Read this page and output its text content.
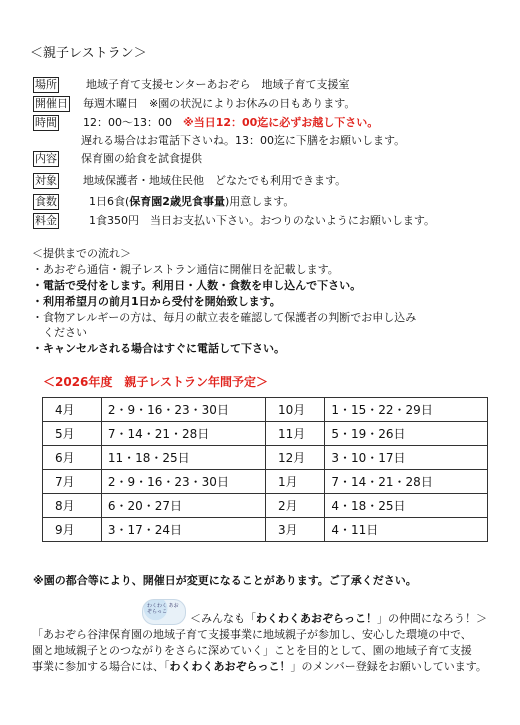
＜親子レストラン＞
場所 　地域子育て支援センターあおぞら　地域子育て支援室
開催日 毎週木曜日　※園の状況によりお休みの日もあります。
時間 12：00～13：00　※当日12：00迄に必ずお越し下さい。
遅れる場合はお電話下さいね。13：00迄に下膳をお願いします。
内容 保育園の給食を試食提供
対象 地域保護者・地域住民他　どなたでも利用できます。
食数	1日6食(保育園2歳児食事量)用意します。
料金	1食350円　当日お支払い下さい。おつりのないようにお願いします。
＜提供までの流れ＞
・あおぞら通信・親子レストラン通信に開催日を記載します。
・電話で受付をします。利用日・人数・食数を申し込んで下さい。
・利用希望月の前月1日から受付を開始致します。
・食物アレルギーの方は、毎月の献立表を確認して保護者の判断でお申し込み
　ください
・キャンセルされる場合はすぐに電話して下さい。
＜2026年度　親子レストラン年間予定＞
4月	2・9・16・23・30日	10月	1・15・22・29日
5月	7・14・21・28日	11月	5・19・26日
6月	11・18・25日	12月	3・10・17日
7月	2・9・16・23・30日	1月	7・14・21・28日
8月	6・20・27日	2月	4・18・25日
9月	3・17・24日	3月	4・11日
※園の都合等により、開催日が変更になることがあります。ご了承ください。
わくわく あおぞらっこ	＜みんなも「わくわくあおぞらっこ！」の仲間になろう！＞
「あおぞら谷津保育園の地域子育て支援事業に地域親子が参加し、安心した環境の中で、
園と地域親子とのつながりをさらに深めていく」ことを目的として、園の地域子育て支援
事業に参加する場合には、「わくわくあおぞらっこ！」のメンバー登録をお願いしています。
